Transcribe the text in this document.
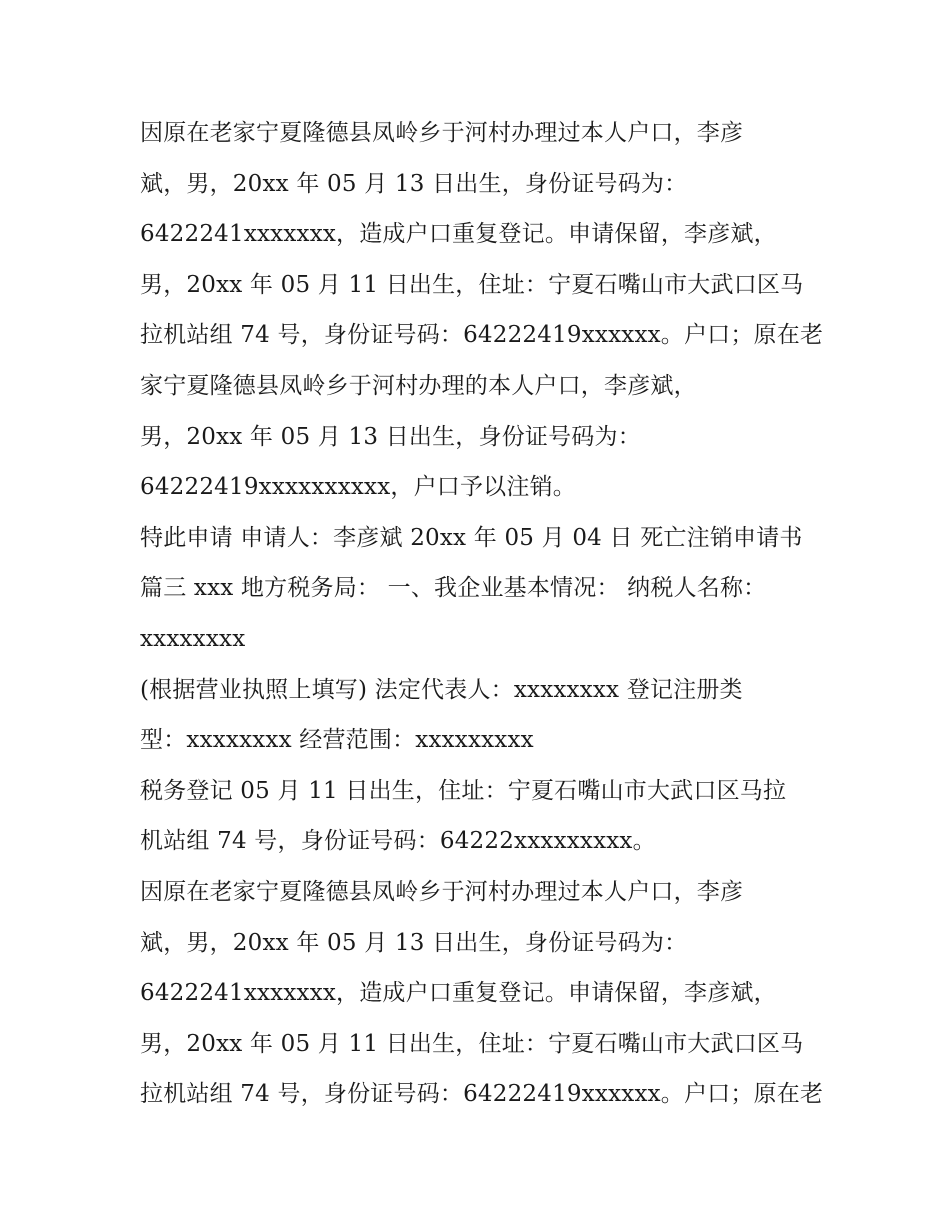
因原在老家宁夏隆德县凤岭乡于河村办理过本人户口，李彦
斌，男，20xx 年 05 月 13 日出生，身份证号码为：
6422241xxxxxxx，造成户口重复登记。申请保留，李彦斌，
男，20xx 年 05 月 11 日出生，住址：宁夏石嘴山市大武口区马
拉机站组 74 号，身份证号码：64222419xxxxxx。户口；原在老
家宁夏隆德县凤岭乡于河村办理的本人户口，李彦斌，
男，20xx 年 05 月 13 日出生，身份证号码为：
64222419xxxxxxxxxx，户口予以注销。
特此申请 申请人：李彦斌 20xx 年 05 月 04 日 死亡注销申请书
篇三 xxx 地方税务局： 一、我企业基本情况： 纳税人名称：
xxxxxxxx
(根据营业执照上填写) 法定代表人：xxxxxxxx 登记注册类
型：xxxxxxxx 经营范围：xxxxxxxxx
税务登记 05 月 11 日出生，住址：宁夏石嘴山市大武口区马拉
机站组 74 号，身份证号码：64222xxxxxxxxx。
因原在老家宁夏隆德县凤岭乡于河村办理过本人户口，李彦
斌，男，20xx 年 05 月 13 日出生，身份证号码为：
6422241xxxxxxx，造成户口重复登记。申请保留，李彦斌，
男，20xx 年 05 月 11 日出生，住址：宁夏石嘴山市大武口区马
拉机站组 74 号，身份证号码：64222419xxxxxx。户口；原在老
